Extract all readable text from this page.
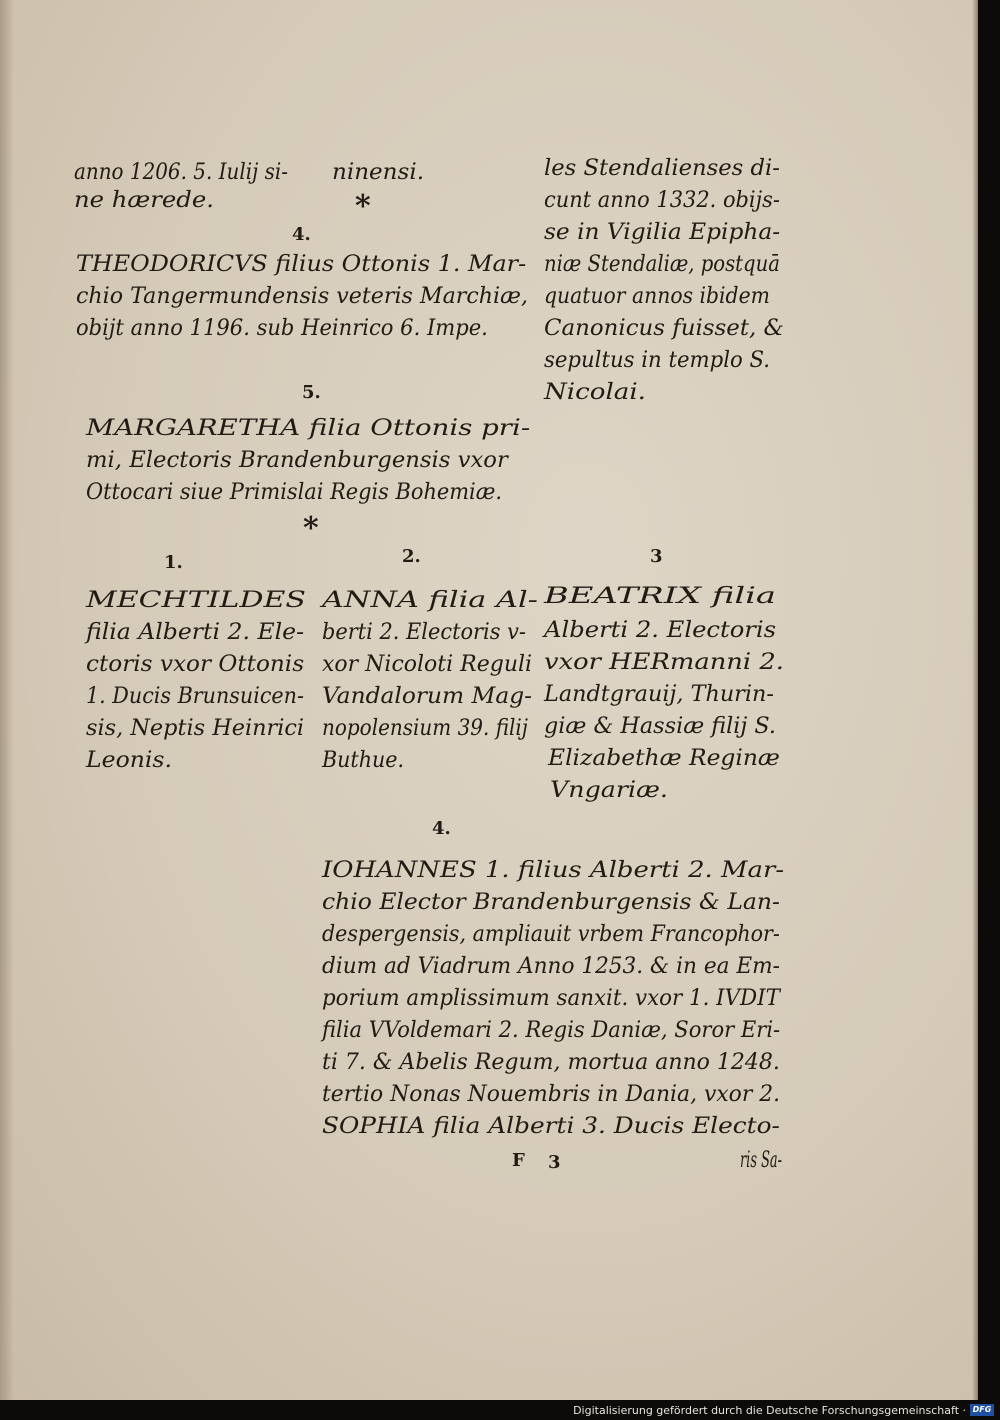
anno 1206. 5. Iulij si-
ne hærede.
ninensi.	les Stendalienses di-
cunt anno 1332. obijs-
se in Vigilia Epipha-
niæ Stendaliæ, postquā
quatuor annos ibidem
Canonicus fuisset, &
sepultus in templo S.
Nicolai.
THEODORICVS filius Ottonis 1. Mar-
chio Tangermundensis veteris Marchiæ,
obijt anno 1196. sub Heinrico 6. Impe.
MARGARETHA filia Ottonis pri-
mi, Electoris Brandenburgensis vxor
Ottocari siue Primislai Regis Bohemiæ.
MECHTILDES
filia Alberti 2. Ele-
ctoris vxor Ottonis
1. Ducis Brunsuicen-
sis, Neptis Heinrici
Leonis.
ANNA filia Al-
berti 2. Electoris v-
xor Nicoloti Reguli
Vandalorum Mag-
nopolensium 39. filij
Buthue.
BEATRIX filia
Alberti 2. Electoris
vxor HERmanni 2.
Landtgrauij, Thurin-
giæ & Hassiæ filij S.
Elizabethæ Reginæ
Vngariæ.
IOHANNES 1. filius Alberti 2. Mar-
chio Elector Brandenburgensis & Lan-
despergensis, ampliauit vrbem Francophor-
dium ad Viadrum Anno 1253. & in ea Em-
porium amplissimum sanxit. vxor 1. IVDIT
filia VVoldemari 2. Regis Daniæ, Soror Eri-
ti 7. & Abelis Regum, mortua anno 1248.
tertio Nonas Nouembris in Dania, vxor 2.
SOPHIA filia Alberti 3. Ducis Electo-
ris Sa-
4.
*
5.
*
1.	2.	3
4.
F 3
Digitalisierung gefördert durch die Deutsche Forschungsgemeinschaft · DFG
